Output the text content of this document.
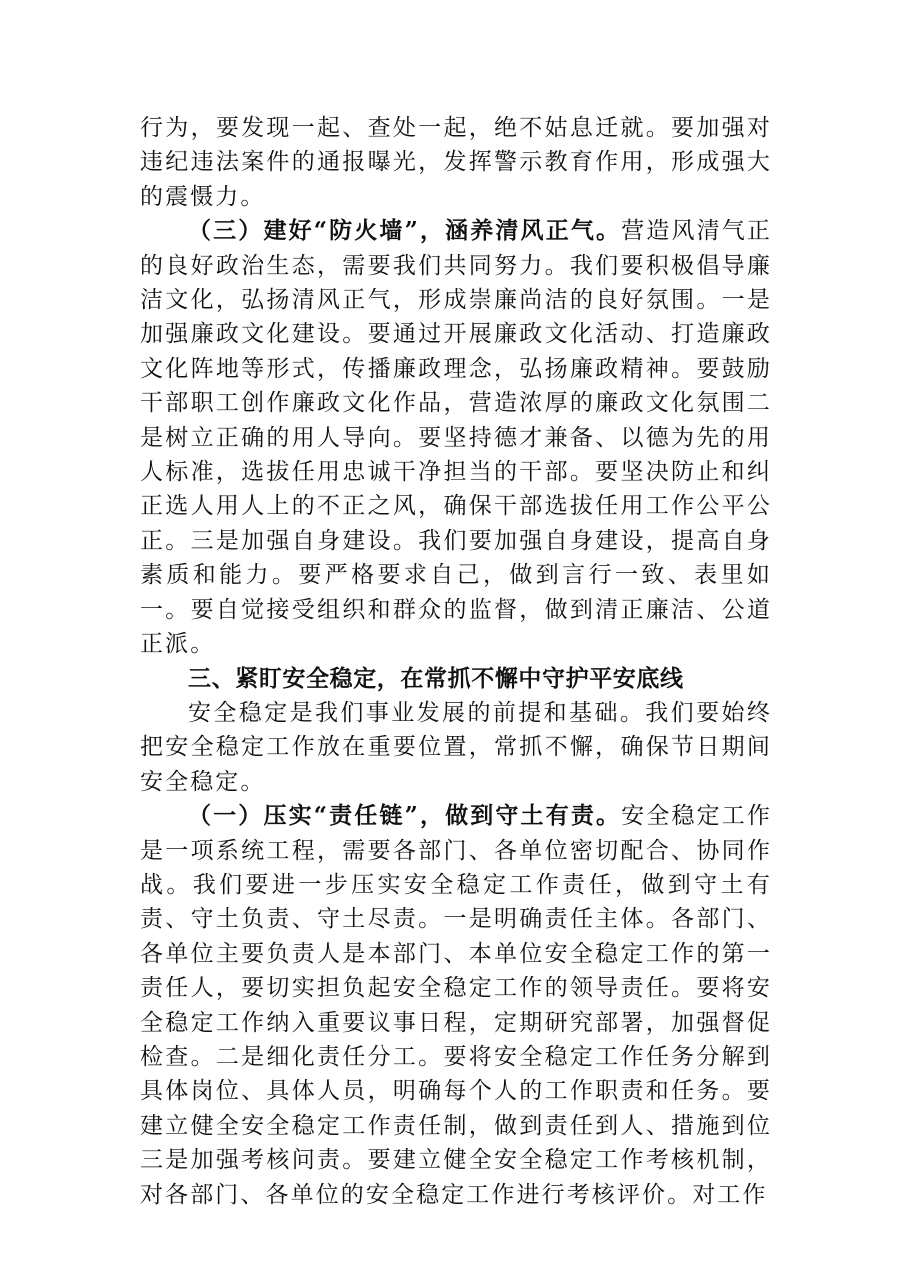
行为，要发现一起、查处一起，绝不姑息迁就。要加强对违纪违法案件的通报曝光，发挥警示教育作用，形成强大的震慑力。

（三）建好“防火墙”，涵养清风正气。营造风清气正的良好政治生态，需要我们共同努力。我们要积极倡导廉洁文化，弘扬清风正气，形成崇廉尚洁的良好氛围。一是加强廉政文化建设。要通过开展廉政文化活动、打造廉政文化阵地等形式，传播廉政理念，弘扬廉政精神。要鼓励干部职工创作廉政文化作品，营造浓厚的廉政文化氛围二是树立正确的用人导向。要坚持德才兼备、以德为先的用人标准，选拔任用忠诚干净担当的干部。要坚决防止和纠正选人用人上的不正之风，确保干部选拔任用工作公平公正。三是加强自身建设。我们要加强自身建设，提高自身素质和能力。要严格要求自己，做到言行一致、表里如一。要自觉接受组织和群众的监督，做到清正廉洁、公道正派。

三、紧盯安全稳定，在常抓不懈中守护平安底线

安全稳定是我们事业发展的前提和基础。我们要始终把安全稳定工作放在重要位置，常抓不懈，确保节日期间安全稳定。

（一）压实“责任链”，做到守土有责。安全稳定工作是一项系统工程，需要各部门、各单位密切配合、协同作战。我们要进一步压实安全稳定工作责任，做到守土有责、守土负责、守土尽责。一是明确责任主体。各部门、各单位主要负责人是本部门、本单位安全稳定工作的第一责任人，要切实担负起安全稳定工作的领导责任。要将安全稳定工作纳入重要议事日程，定期研究部署，加强督促检查。二是细化责任分工。要将安全稳定工作任务分解到具体岗位、具体人员，明确每个人的工作职责和任务。要建立健全安全稳定工作责任制，做到责任到人、措施到位三是加强考核问责。要建立健全安全稳定工作考核机制，对各部门、各单位的安全稳定工作进行考核评价。对工作
